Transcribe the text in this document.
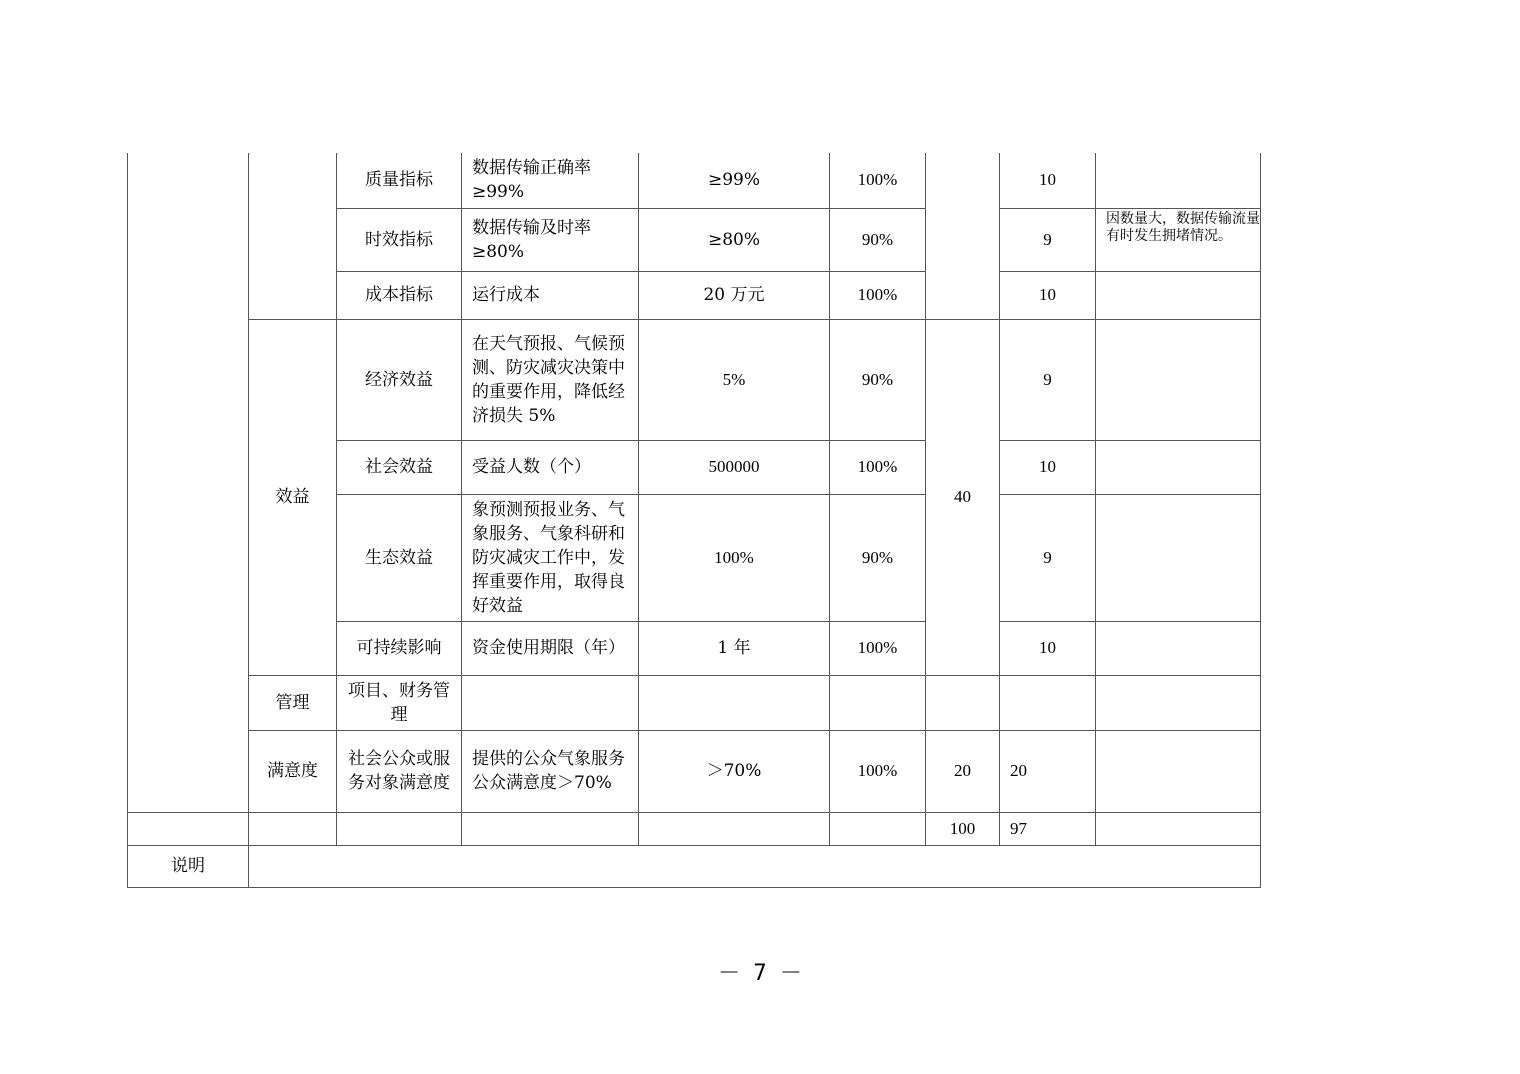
		质量指标	数据传输正确率≥99%	≥99%	100%		10	
		时效指标	数据传输及时率≥80%	≥80%	90%		9	因数量大，数据传输流量有时发生拥堵情况。
		成本指标	运行成本	20 万元	100%		10	
	效益	经济效益	在天气预报、气候预测、防灾减灾决策中的重要作用，降低经济损失 5%	5%	90%	40	9	
		社会效益	受益人数（个）	500000	100%		10	
		生态效益	象预测预报业务、气象服务、气象科研和防灾减灾工作中，发挥重要作用，取得良好效益	100%	90%		9	
		可持续影响	资金使用期限（年）	1 年	100%		10	
	管理	项目、财务管理						
	满意度	社会公众或服务对象满意度	提供的公众气象服务公众满意度＞70%	＞70%	100%	20	20	
						100	97	
说明								
－ 7 －
